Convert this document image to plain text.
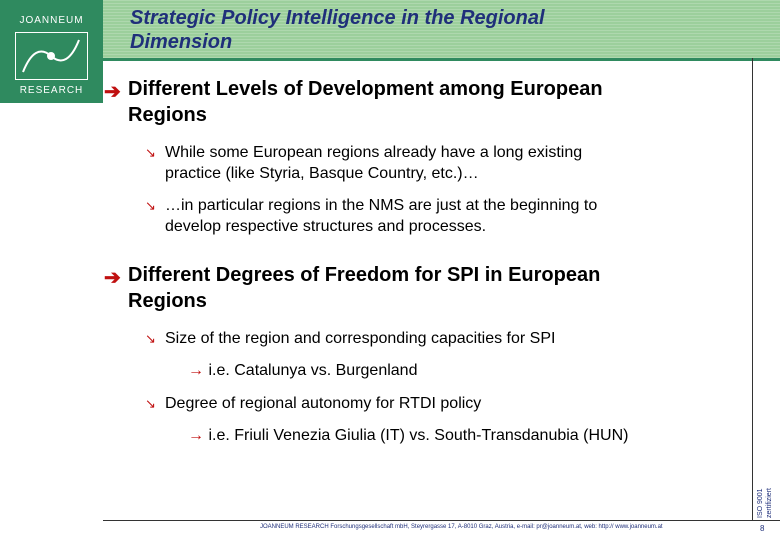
JOANNEUM
RESEARCH
Strategic Policy Intelligence in the Regional
Dimension
➔ Different Levels of Development among European
Regions
↘ While some European regions already have a long existing
practice (like Styria, Basque Country, etc.)…
↘ …in particular regions in the NMS are just at the beginning to
develop respective structures and processes.
➔ Different Degrees of Freedom for SPI in European
Regions
↘ Size of the region and corresponding capacities for SPI
→ i.e. Catalunya vs. Burgenland
↘ Degree of regional autonomy for RTDI policy
→ i.e. Friuli Venezia Giulia (IT) vs. South-Transdanubia (HUN)
ISO 9001 zertifiziert
JOANNEUM RESEARCH Forschungsgesellschaft mbH, Steyrergasse 17, A-8010 Graz, Austria, e-mail: pr@joanneum.at, web: http:// www.joanneum.at	8
